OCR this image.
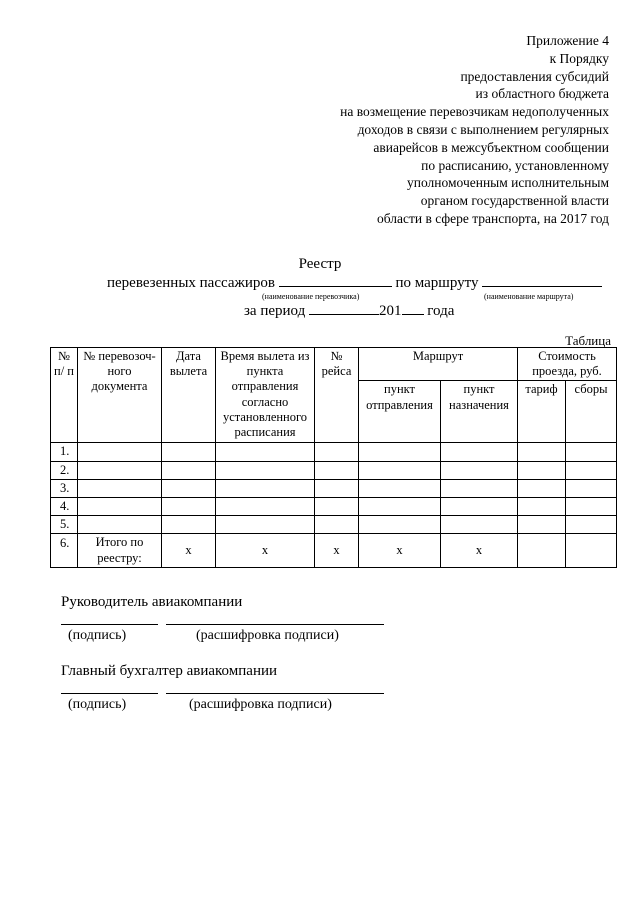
Приложение 4
к Порядку
предоставления субсидий
из областного бюджета
на возмещение перевозчикам недополученных
доходов в связи с выполнением регулярных
авиарейсов в межсубъектном сообщении
по расписанию, установленному
уполномоченным исполнительным
органом государственной власти
области в сфере транспорта, на 2017 год
Реестр
перевезенных пассажиров	по маршруту
(наименование перевозчика)	(наименование маршрута)
за период	201 года
Таблица
№ п/ п	№ перевозоч-ного документа	Дата вылета	Время вылета из пункта отправления согласно установленного расписания	№ рейса	Маршрут		Стоимость проезда, руб.	
					пункт отправления	пункт назначения	тариф	сборы
1.								
2.								
3.								
4.								
5.								
6.	Итого по реестру:	х	х	х	х	х		
Руководитель авиакомпании
(подпись)	(расшифровка подписи)
Главный бухгалтер авиакомпании
(подпись)	(расшифровка подписи)
